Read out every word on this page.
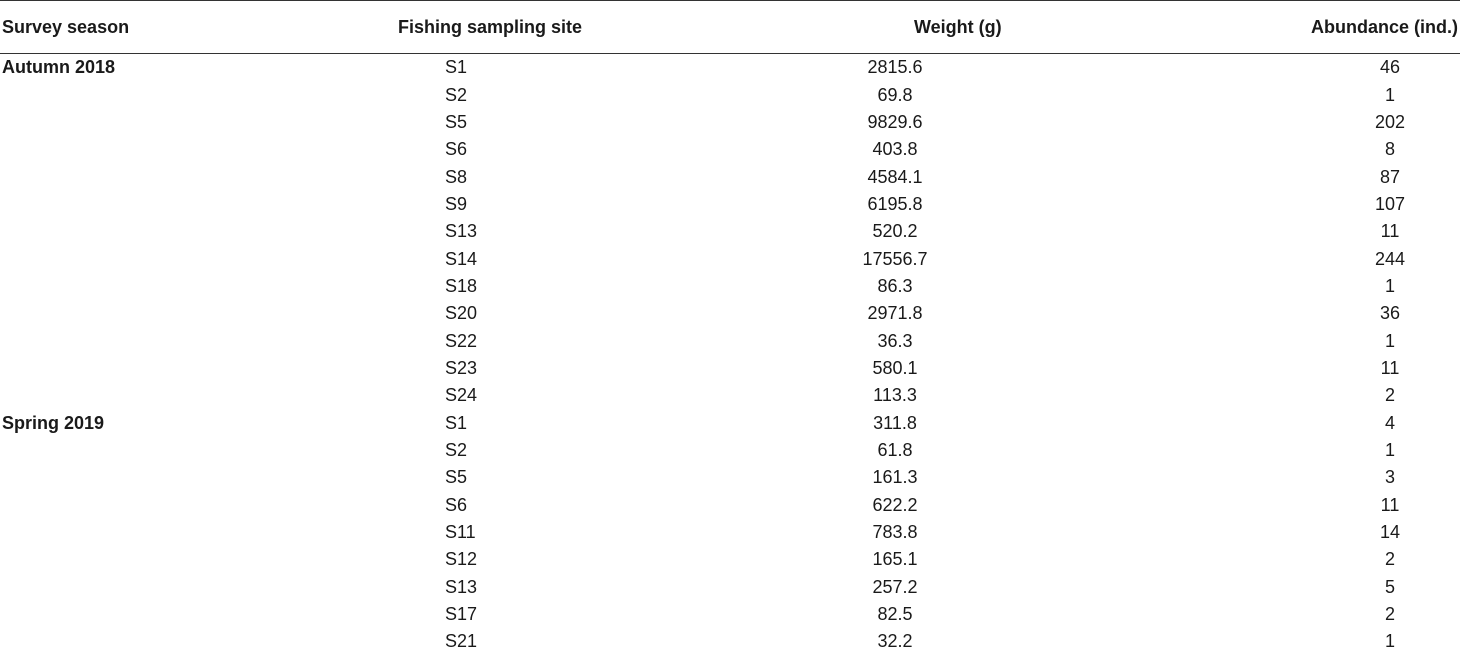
Survey season	Fishing sampling site	Weight (g)	Abundance (ind.)
Autumn 2018	S1	2815.6	46
	S2	69.8	1
	S5	9829.6	202
	S6	403.8	8
	S8	4584.1	87
	S9	6195.8	107
	S13	520.2	11
	S14	17556.7	244
	S18	86.3	1
	S20	2971.8	36
	S22	36.3	1
	S23	580.1	11
	S24	113.3	2
Spring 2019	S1	311.8	4
	S2	61.8	1
	S5	161.3	3
	S6	622.2	11
	S11	783.8	14
	S12	165.1	2
	S13	257.2	5
	S17	82.5	2
	S21	32.2	1
